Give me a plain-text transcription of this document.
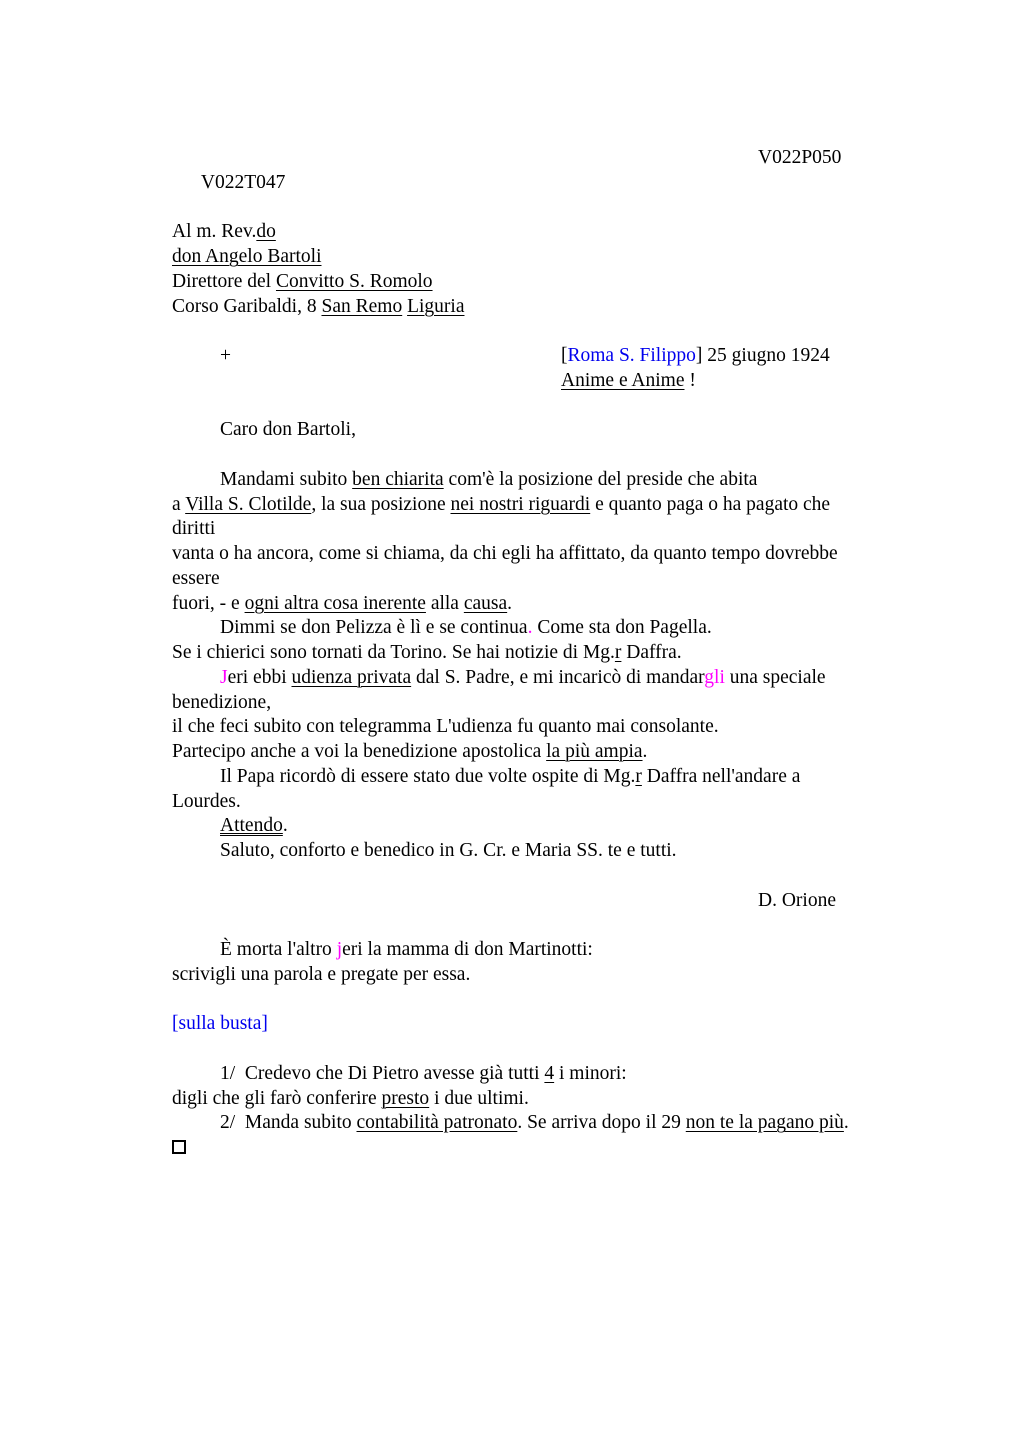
V022T047

V022P050

Al m. Rev.do
don Angelo Bartoli
Direttore del Convitto S. Romolo
Corso Garibaldi, 8 San Remo Liguria

+	[Roma S. Filippo] 25 giugno 1924
Anime e Anime !

Caro don Bartoli,

Mandami subito ben chiarita com'è la posizione del preside che abita
a Villa S. Clotilde, la sua posizione nei nostri riguardi e quanto paga o ha pagato che
diritti
vanta o ha ancora, come si chiama, da chi egli ha affittato, da quanto tempo dovrebbe
essere
fuori, - e ogni altra cosa inerente alla causa.
Dimmi se don Pelizza è lì e se continua. Come sta don Pagella.
Se i chierici sono tornati da Torino. Se hai notizie di Mg.r Daffra.
Jeri ebbi udienza privata dal S. Padre, e mi incaricò di mandargli una speciale
benedizione,
il che feci subito con telegramma L'udienza fu quanto mai consolante.
Partecipo anche a voi la benedizione apostolica la più ampia.
Il Papa ricordò di essere stato due volte ospite di Mg.r Daffra nell'andare a
Lourdes.
Attendo.
Saluto, conforto e benedico in G. Cr. e Maria SS. te e tutti.

D. Orione

È morta l'altro jeri la mamma di don Martinotti:
scrivigli una parola e pregate per essa.

[sulla busta]

1/  Credevo che Di Pietro avesse già tutti 4 i minori:
digli che gli farò conferire presto i due ultimi.
2/  Manda subito contabilità patronato. Se arriva dopo il 29 non te la pagano più.
